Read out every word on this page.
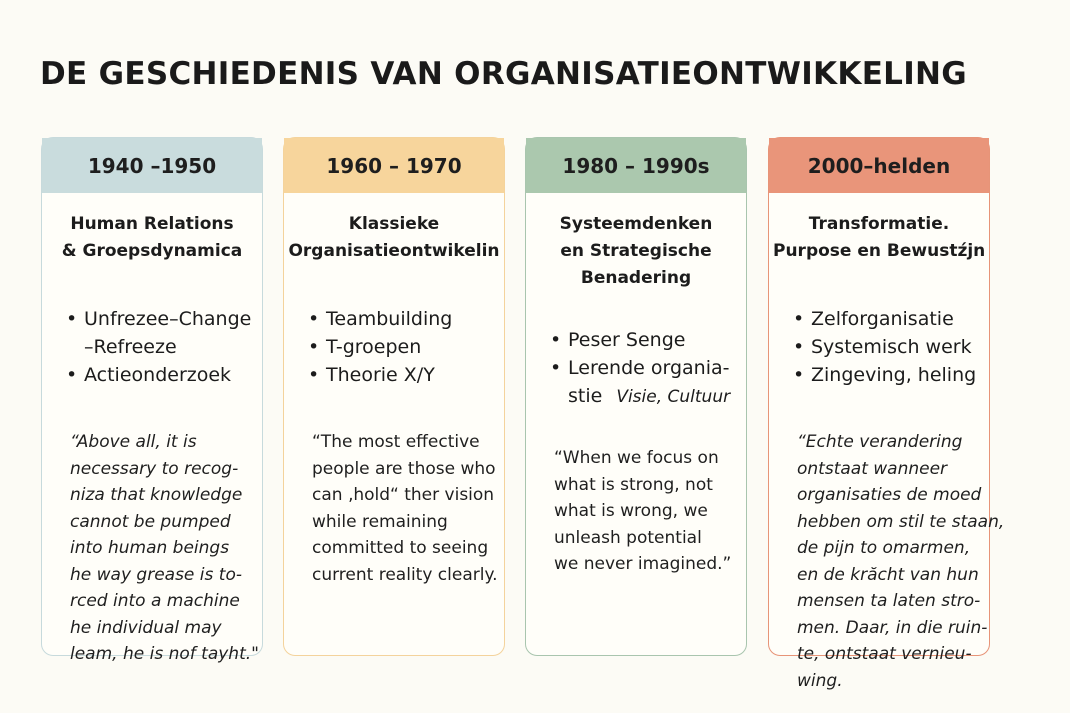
DE GESCHIEDENIS VAN ORGANISATIEONTWIKKELING
1940 –1950
Human Relations
& Groepsdynamica
• Unfrezee–Change
–Refreeze
• Actieonderzoek

“Above all, it is
necessary to recog-
niza that knowledge
cannot be pumped
into human beings
he way grease is to-
rced into a machine
he individual may
leam, he is nof tayht."

1960 – 1970
Klassieke
Organisatieontwikelin
• Teambuilding
• T-groepen
• Theorie X/Y

“The most effective
people are those who
can ‚hold“ ther vision
while remaining
committed to seeing
current reality clearly.

1980 – 1990s
Systeemdenken
en Strategische
Benadering
• Peser Senge
• Lerende organia-
stie Visie, Cultuur

“When we focus on
what is strong, not
what is wrong, we
unleash potential
we never imagined.”

2000–helden
Transformatie.
Purpose en Bewustźjn
• Zelforganisatie
• Systemisch werk
• Zingeving, heling

“Echte verandering
ontstaat wanneer
organisaties de moed
hebben om stil te staan,
de pijn to omarmen,
en de krăcht van hun
mensen ta laten stro-
men. Daar, in die ruin-
te, ontstaat vernieu-
wing.
